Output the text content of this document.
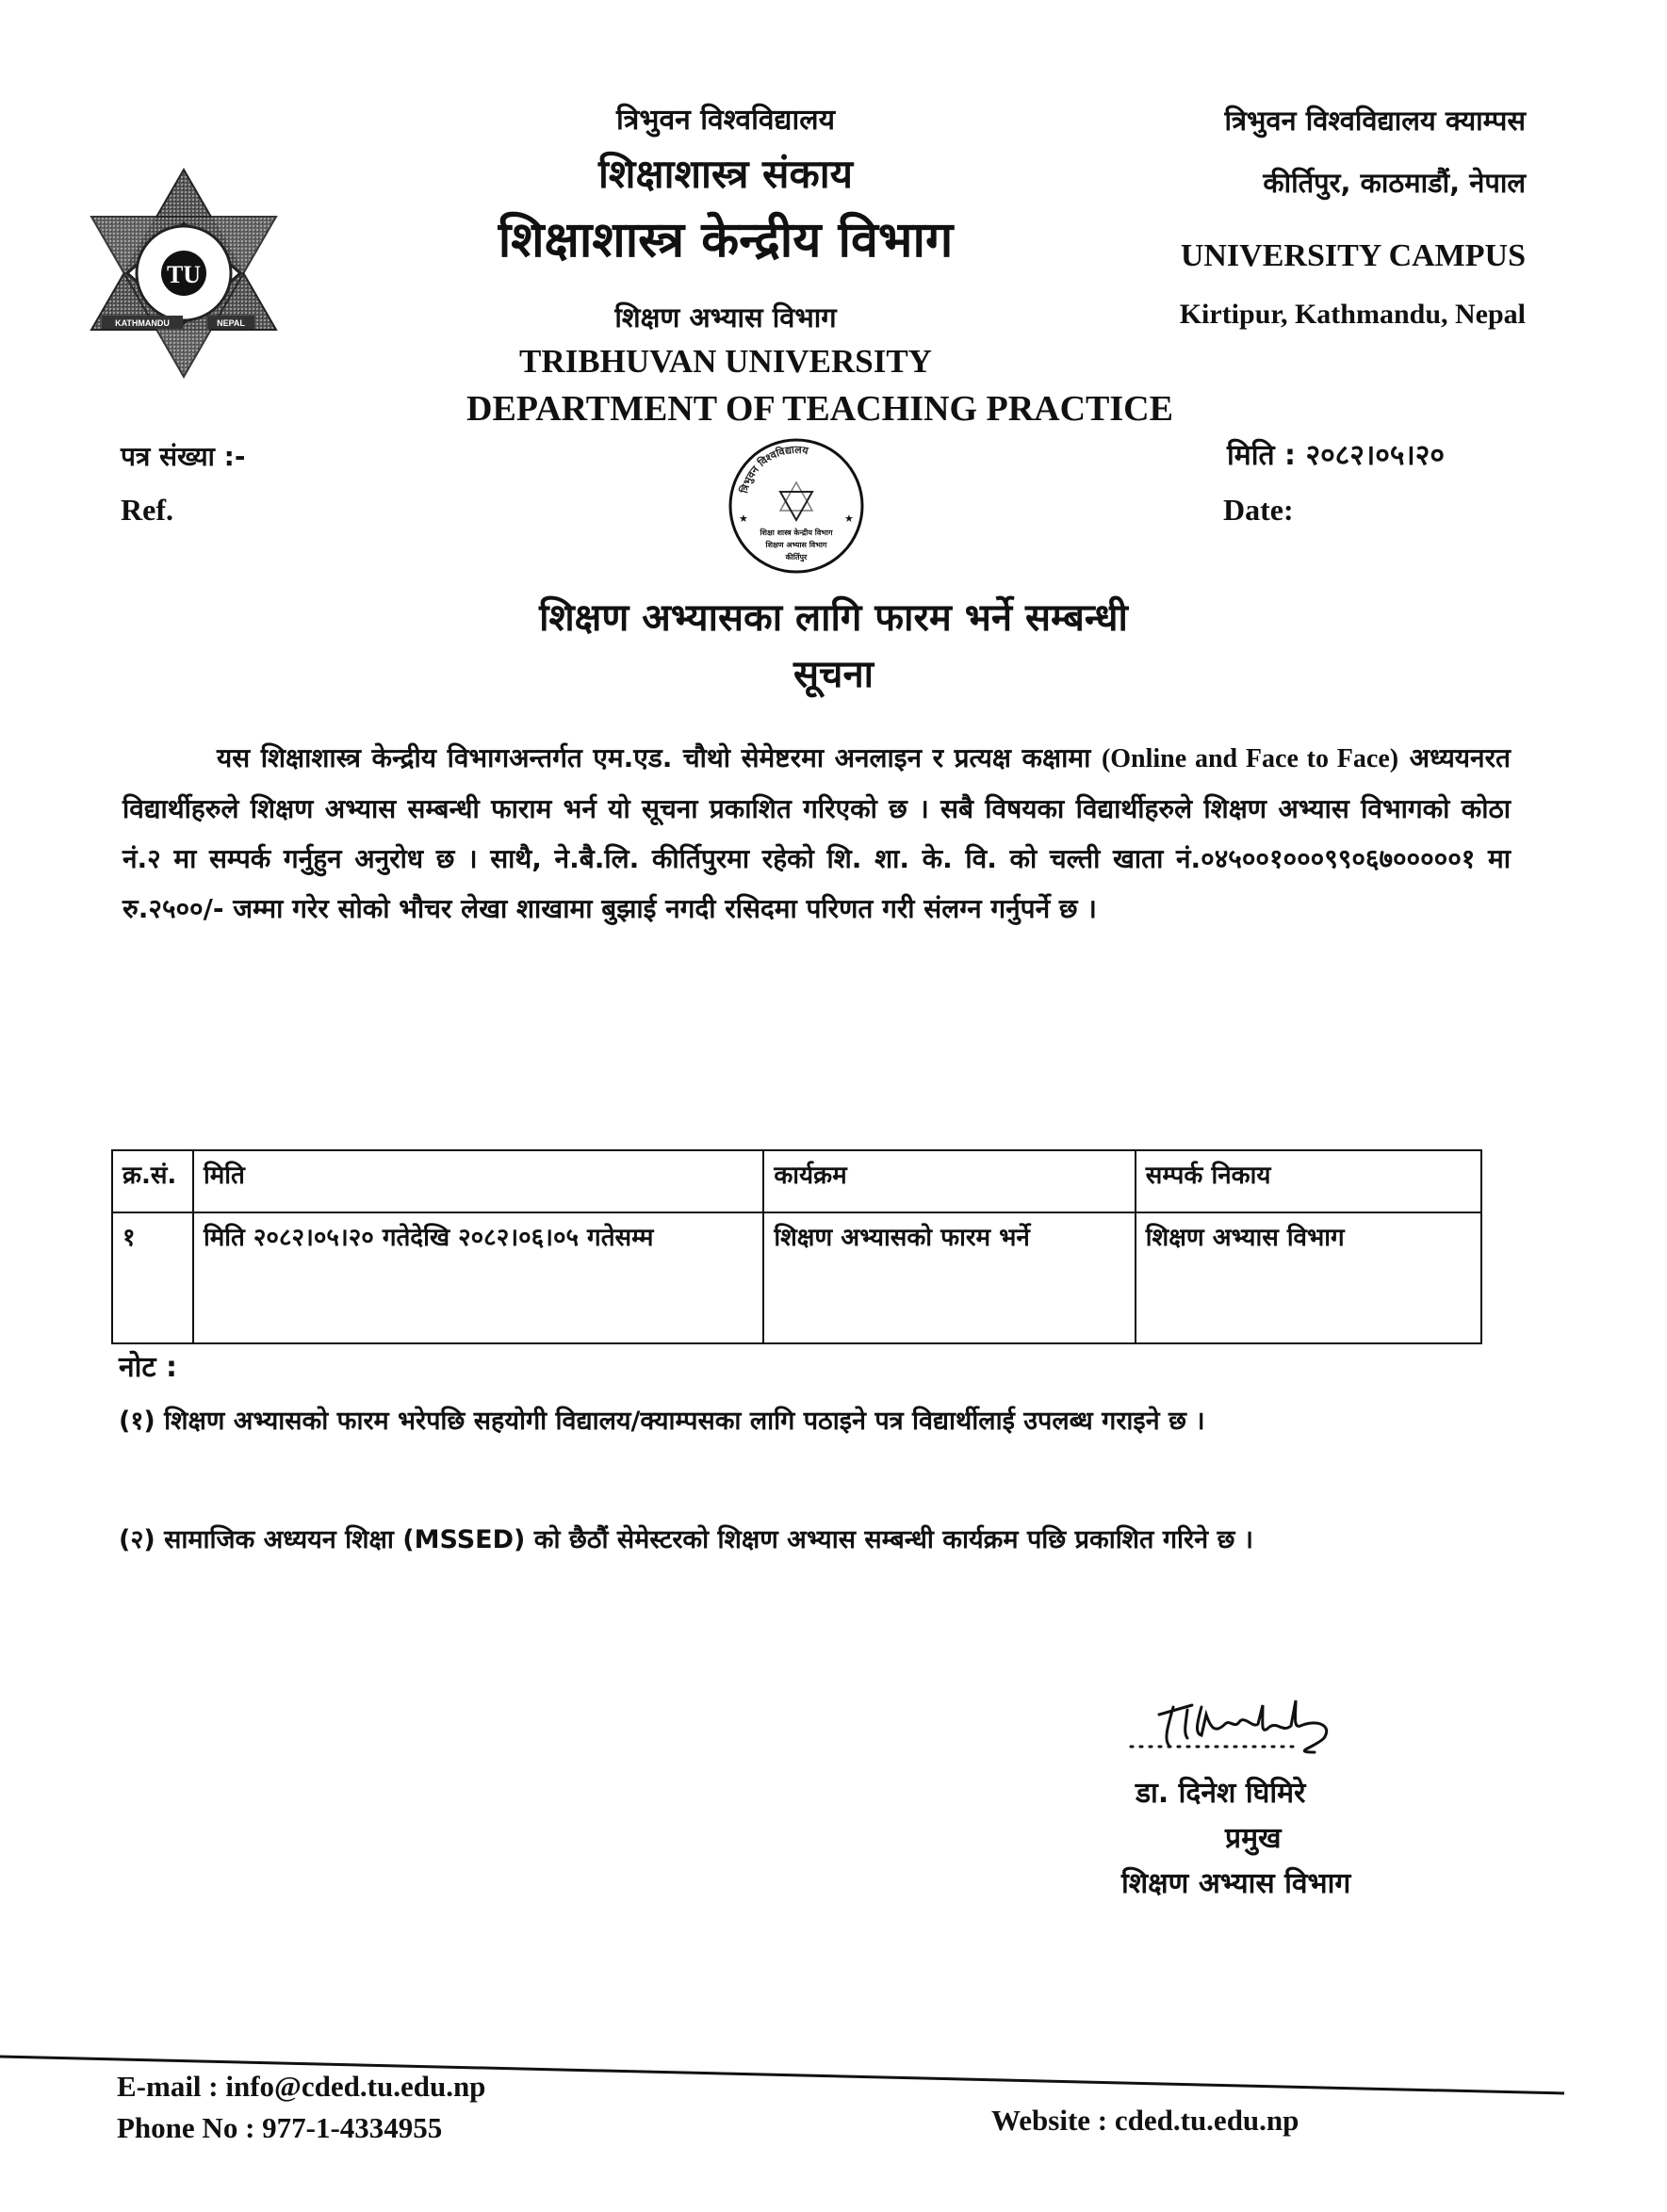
TU
KATHMANDU	NEPAL
त्रिभुवन विश्वविद्यालय
शिक्षाशास्त्र संकाय
शिक्षाशास्त्र केन्द्रीय विभाग
शिक्षण अभ्यास विभाग
TRIBHUVAN UNIVERSITY
DEPARTMENT OF TEACHING PRACTICE
त्रिभुवन विश्वविद्यालय क्याम्पस
कीर्तिपुर, काठमाडौं, नेपाल
UNIVERSITY CAMPUS
Kirtipur, Kathmandu, Nepal
पत्र संख्या :-
Ref.
मिति : २०८२।०५।२०
Date:
त्रिभुवन विश्वविद्यालय
★	★
शिक्षा शास्त्र केन्द्रीय विभाग
शिक्षण अभ्यास विभाग
कीर्तिपुर
शिक्षण अभ्यासका लागि फारम भर्ने सम्बन्धी
सूचना
यस शिक्षाशास्त्र केन्द्रीय विभागअन्तर्गत एम.एड. चौथो सेमेष्टरमा अनलाइन र प्रत्यक्ष कक्षामा (Online and Face to Face) अध्ययनरत विद्यार्थीहरुले शिक्षण अभ्यास सम्बन्धी फाराम भर्न यो सूचना प्रकाशित गरिएको छ । सबै विषयका विद्यार्थीहरुले शिक्षण अभ्यास विभागको कोठा नं.२ मा सम्पर्क गर्नुहुन अनुरोध छ । साथै, ने.बै.लि. कीर्तिपुरमा रहेको शि. शा. के. वि. को चल्ती खाता नं.०४५००१०००९९०६७०००००१ मा रु.२५००/- जम्मा गरेर सोको भौचर लेखा शाखामा बुझाई नगदी रसिदमा परिणत गरी संलग्न गर्नुपर्ने छ ।
क्र.सं.	मिति	कार्यक्रम	सम्पर्क निकाय
१	मिति २०८२।०५।२० गतेदेखि २०८२।०६।०५ गतेसम्म	शिक्षण अभ्यासको फारम भर्ने	शिक्षण अभ्यास विभाग
नोट :
(१) शिक्षण अभ्यासको फारम भरेपछि सहयोगी विद्यालय/क्याम्पसका लागि पठाइने पत्र विद्यार्थीलाई उपलब्ध गराइने छ ।
(२) सामाजिक अध्ययन शिक्षा (MSSED) को छैठौं सेमेस्टरको शिक्षण अभ्यास सम्बन्धी कार्यक्रम पछि प्रकाशित गरिने छ ।
डा. दिनेश घिमिरे
प्रमुख
शिक्षण अभ्यास विभाग
E-mail : info@cded.tu.edu.np
Phone No : 977-1-4334955	Website : cded.tu.edu.np
